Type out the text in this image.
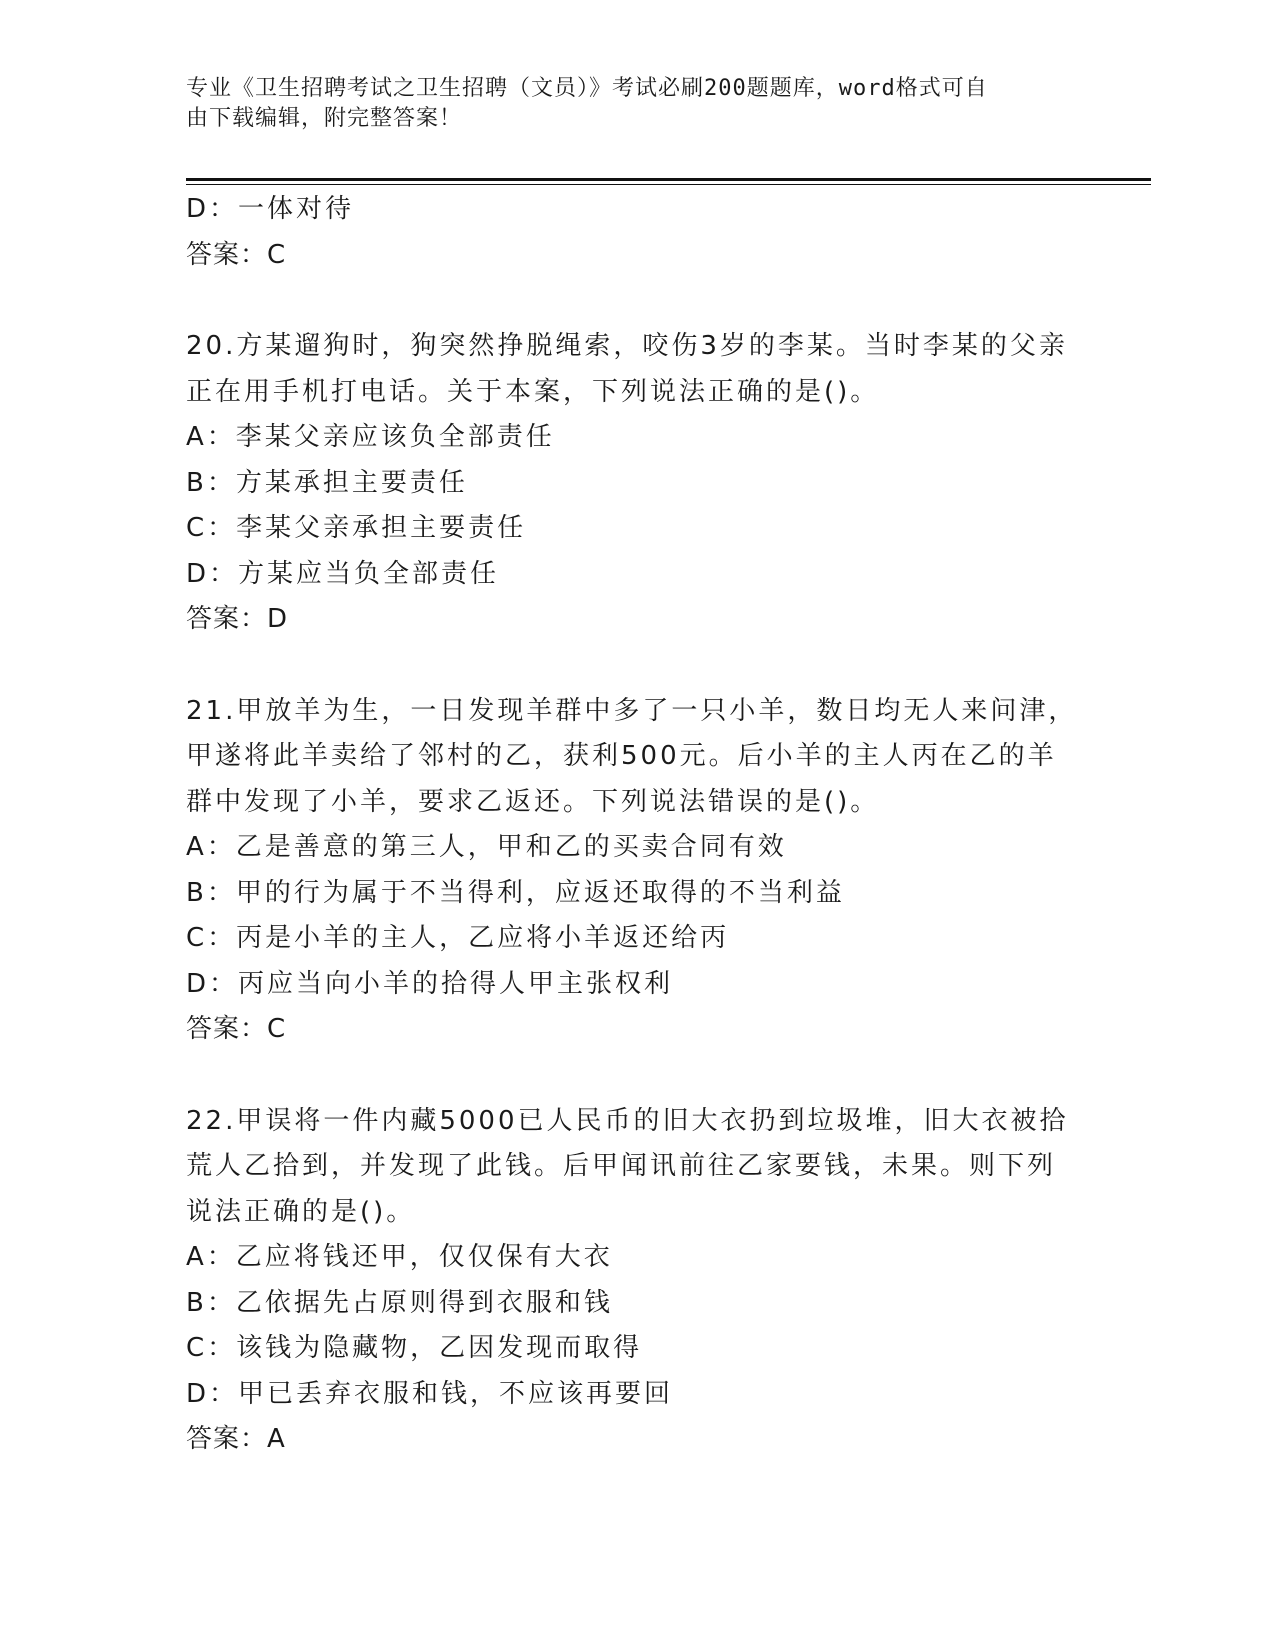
专业《卫生招聘考试之卫生招聘（文员）》考试必刷200题题库，word格式可自
由下载编辑，附完整答案！
D：一体对待
答案：C
20.方某遛狗时，狗突然挣脱绳索，咬伤3岁的李某。当时李某的父亲
正在用手机打电话。关于本案，下列说法正确的是()。
A：李某父亲应该负全部责任
B：方某承担主要责任
C：李某父亲承担主要责任
D：方某应当负全部责任
答案：D
21.甲放羊为生，一日发现羊群中多了一只小羊，数日均无人来问津，
甲遂将此羊卖给了邻村的乙，获利500元。后小羊的主人丙在乙的羊
群中发现了小羊，要求乙返还。下列说法错误的是()。
A：乙是善意的第三人，甲和乙的买卖合同有效
B：甲的行为属于不当得利，应返还取得的不当利益
C：丙是小羊的主人，乙应将小羊返还给丙
D：丙应当向小羊的拾得人甲主张权利
答案：C
22.甲误将一件内藏5000已人民币的旧大衣扔到垃圾堆，旧大衣被拾
荒人乙拾到，并发现了此钱。后甲闻讯前往乙家要钱，未果。则下列
说法正确的是()。
A：乙应将钱还甲，仅仅保有大衣
B：乙依据先占原则得到衣服和钱
C：该钱为隐藏物，乙因发现而取得
D：甲已丢弃衣服和钱，不应该再要回
答案：A
